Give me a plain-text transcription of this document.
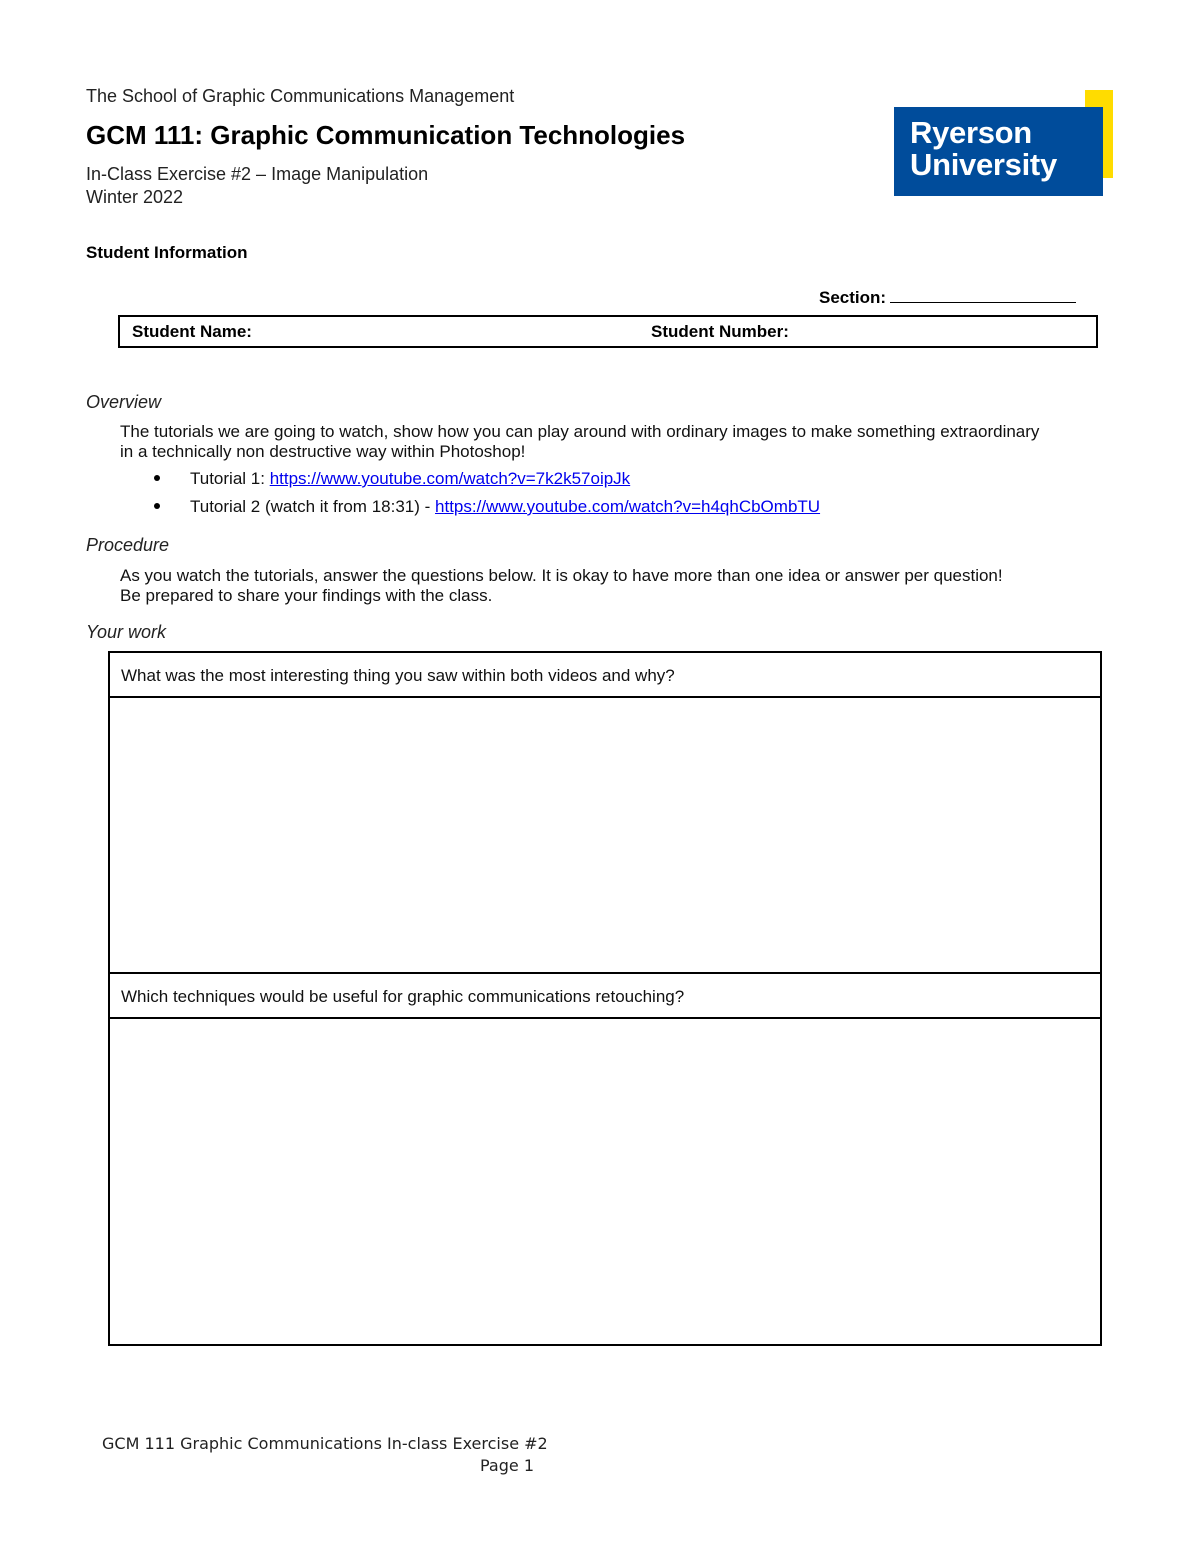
The School of Graphic Communications Management
GCM 111: Graphic Communication Technologies
In-Class Exercise #2 – Image Manipulation
Winter 2022
Ryerson
University
Student Information
Section:
Student Name:	Student Number:
Overview
The tutorials we are going to watch, show how you can play around with ordinary images to make something extraordinary
in a technically non destructive way within Photoshop!
Tutorial 1: https://www.youtube.com/watch?v=7k2k57oipJk
Tutorial 2 (watch it from 18:31) - https://www.youtube.com/watch?v=h4qhCbOmbTU
Procedure
As you watch the tutorials, answer the questions below. It is okay to have more than one idea or answer per question!
Be prepared to share your findings with the class.
Your work
What was the most interesting thing you saw within both videos and why?
Which techniques would be useful for graphic communications retouching?
GCM 111 Graphic Communications In-class Exercise #2
Page 1
